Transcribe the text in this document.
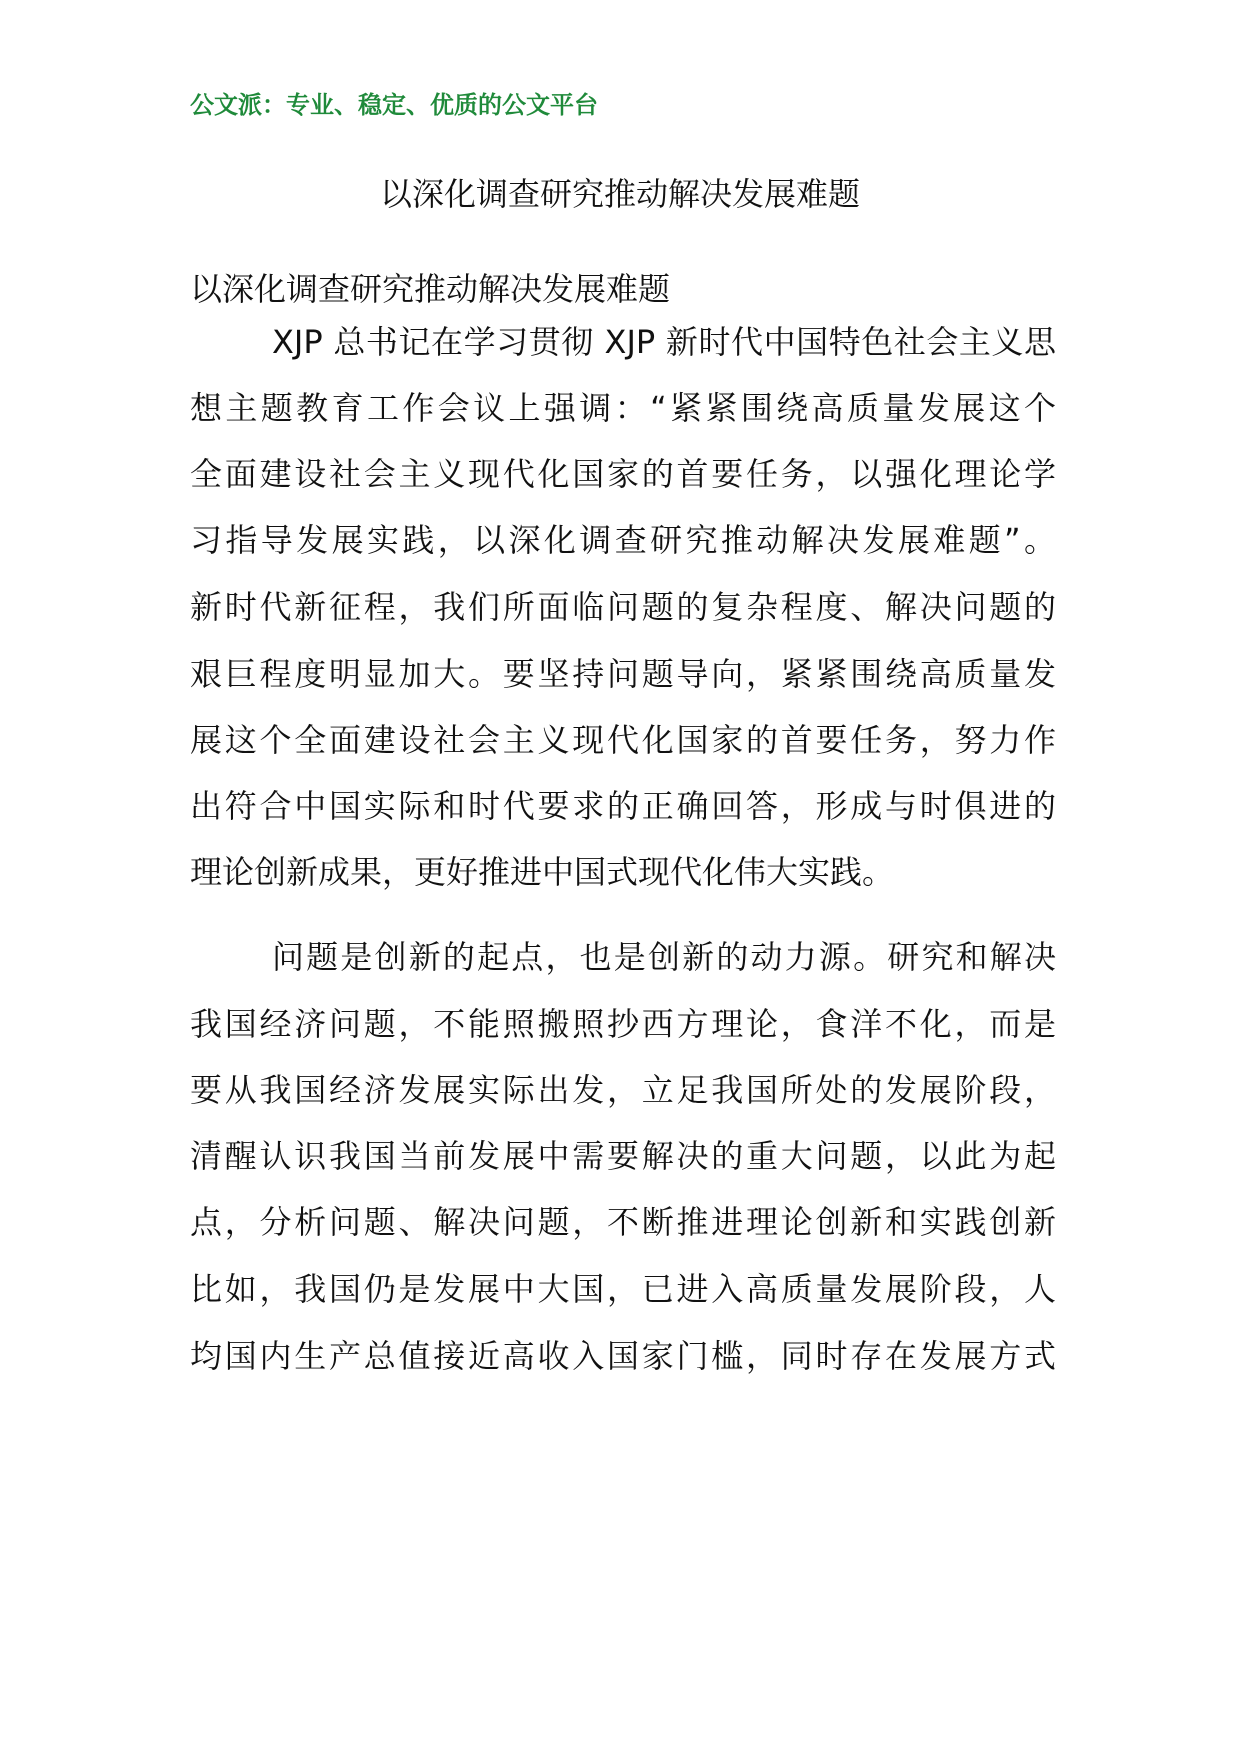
公文派：专业、稳定、优质的公文平台
以深化调查研究推动解决发展难题
以深化调查研究推动解决发展难题
XJP 总书记在学习贯彻 XJP 新时代中国特色社会主义思
想主题教育工作会议上强调：“紧紧围绕高质量发展这个
全面建设社会主义现代化国家的首要任务，以强化理论学
习指导发展实践，以深化调查研究推动解决发展难题”。
新时代新征程，我们所面临问题的复杂程度、解决问题的
艰巨程度明显加大。要坚持问题导向，紧紧围绕高质量发
展这个全面建设社会主义现代化国家的首要任务，努力作
出符合中国实际和时代要求的正确回答，形成与时俱进的
理论创新成果，更好推进中国式现代化伟大实践。
问题是创新的起点，也是创新的动力源。研究和解决
我国经济问题，不能照搬照抄西方理论，食洋不化，而是
要从我国经济发展实际出发，立足我国所处的发展阶段，
清醒认识我国当前发展中需要解决的重大问题，以此为起
点，分析问题、解决问题，不断推进理论创新和实践创新
比如，我国仍是发展中大国，已进入高质量发展阶段，人
均国内生产总值接近高收入国家门槛，同时存在发展方式
